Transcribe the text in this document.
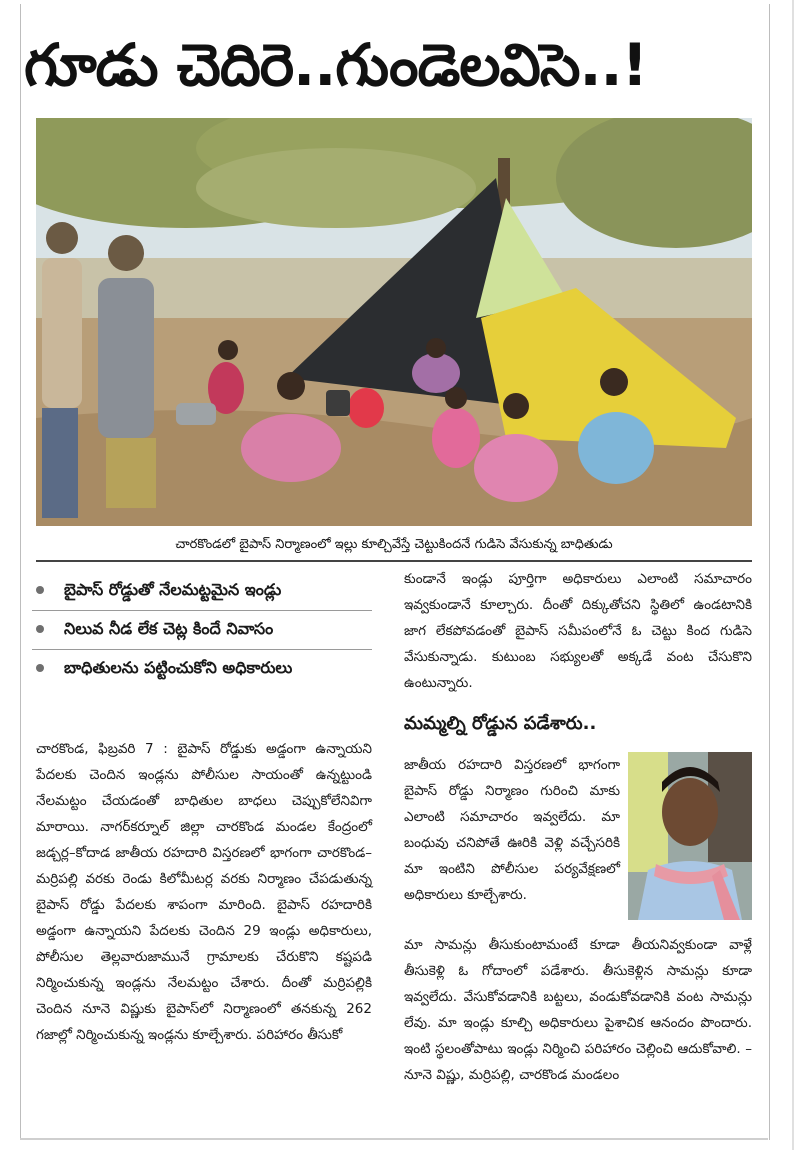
గూడు చెదిరె..గుండెలవిసె..!
చారకొండలో బైపాస్ నిర్మాణంలో ఇల్లు కూల్చివేస్తే చెట్టుకిందనే గుడిసె వేసుకున్న బాధితుడు
బైపాస్ రోడ్డుతో నేలమట్టమైన ఇండ్లు
నిలువ నీడ లేక చెట్ల కిందే నివాసం
బాధితులను పట్టించుకోని అధికారులు
చారకొండ, ఫిబ్రవరి 7 : బైపాస్ రోడ్డుకు అడ్డంగా ఉన్నాయని పేదలకు చెందిన ఇండ్లను పోలీసుల సాయంతో ఉన్నట్టుండి నేలమట్టం చేయడంతో బాధితుల బాధలు చెప్పుకోలేనివిగా మారాయి. నాగర్‌కర్నూల్ జిల్లా చారకొండ మండల కేంద్రంలో జడ్చర్ల–కోదాడ జాతీయ రహదారి విస్తరణలో భాగంగా చారకొండ–మర్రిపల్లి వరకు రెండు కిలోమీటర్ల వరకు నిర్మాణం చేపడుతున్న బైపాస్ రోడ్డు పేదలకు శాపంగా మారింది. బైపాస్ రహదారికి అడ్డంగా ఉన్నాయని పేదలకు చెందిన 29 ఇండ్లు అధికారులు, పోలీసుల తెల్లవారుజామునే గ్రామాలకు చేరుకొని కష్టపడి నిర్మించుకున్న ఇండ్లను నేలమట్టం చేశారు. దీంతో మర్రిపల్లికి చెందిన నూనె విష్ణుకు బైపాస్‌లో నిర్మాణంలో తనకున్న 262 గజాల్లో నిర్మించుకున్న ఇండ్లను కూల్చేశారు. పరిహారం తీసుకో
కుండానే ఇండ్లు పూర్తిగా అధికారులు ఎలాంటి సమాచారం ఇవ్వకుండానే కూల్చారు. దీంతో దిక్కుతోచని స్థితిలో ఉండటానికి జాగ లేకపోవడంతో బైపాస్ సమీపంలోనే ఓ చెట్టు కింద గుడిసె వేసుకున్నాడు. కుటుంబ సభ్యులతో అక్కడే వంట చేసుకొని ఉంటున్నారు.
మమ్మల్ని రోడ్డున పడేశారు..
జాతీయ రహదారి విస్తరణలో భాగంగా బైపాస్ రోడ్డు నిర్మాణం గురించి మాకు ఎలాంటి సమాచారం ఇవ్వలేదు. మా బంధువు చనిపోతే ఊరికి వెళ్లి వచ్చేసరికి మా ఇంటిని పోలీసుల పర్యవేక్షణలో అధికారులు కూల్చేశారు.
మా సామన్లు తీసుకుంటామంటే కూడా తీయనివ్వకుండా వాళ్లే తీసుకెళ్లి ఓ గోదాంలో పడేశారు. తీసుకెళ్లిన సామన్లు కూడా ఇవ్వలేదు. వేసుకోవడానికి బట్టలు, వండుకోవడానికి వంట సామన్లు లేవు. మా ఇండ్లు కూల్చి అధికారులు పైశాచిక ఆనందం పొందారు. ఇంటి స్థలంతోపాటు ఇండ్లు నిర్మించి పరిహారం చెల్లించి ఆదుకోవాలి. – నూనె విష్ణు, మర్రిపల్లి, చారకొండ మండలం
